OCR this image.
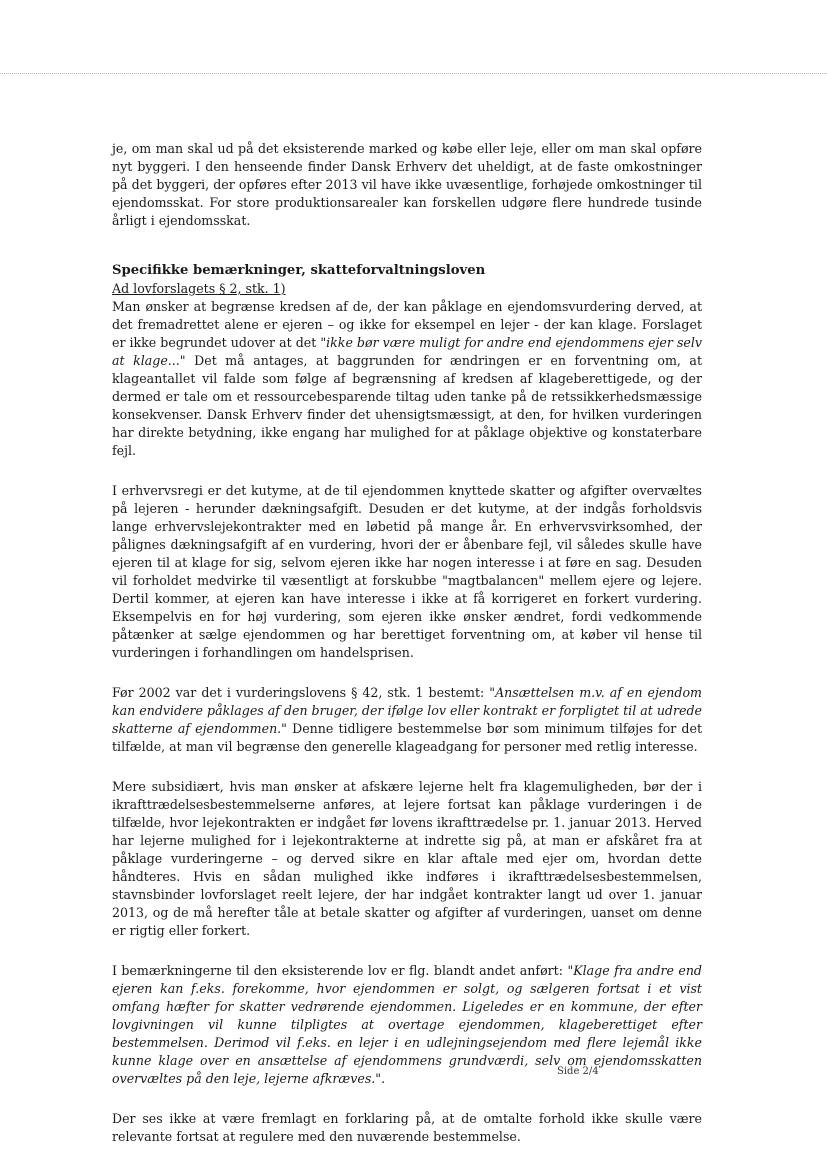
je, om man skal ud på det eksisterende marked og købe eller leje, eller om man skal opføre nyt byggeri. I den henseende finder Dansk Erhverv det uheldigt, at de faste omkostninger på det byggeri, der opføres efter 2013 vil have ikke uvæsentlige, forhøjede omkostninger til ejendomsskat. For store produktionsarealer kan forskellen udgøre flere hundrede tusinde årligt i ejendomsskat.

Specifikke bemærkninger, skatteforvaltningsloven

Ad lovforslagets § 2, stk. 1)

Man ønsker at begrænse kredsen af de, der kan påklage en ejendomsvurdering derved, at det fremadrettet alene er ejeren – og ikke for eksempel en lejer - der kan klage. Forslaget er ikke begrundet udover at det "ikke bør være muligt for andre end ejendommens ejer selv at klage..." Det må antages, at baggrunden for ændringen er en forventning om, at klageantallet vil falde som følge af begrænsning af kredsen af klageberettigede, og der dermed er tale om et ressourcebesparende tiltag uden tanke på de retssikkerhedsmæssige konsekvenser. Dansk Erhverv finder det uhensigtsmæssigt, at den, for hvilken vurderingen har direkte betydning, ikke engang har mulighed for at påklage objektive og konstaterbare fejl.

I erhvervsregi er det kutyme, at de til ejendommen knyttede skatter og afgifter overvæltes på lejeren - herunder dækningsafgift. Desuden er det kutyme, at der indgås forholdsvis lange erhvervslejekontrakter med en løbetid på mange år. En erhvervsvirksomhed, der pålignes dækningsafgift af en vurdering, hvori der er åbenbare fejl, vil således skulle have ejeren til at klage for sig, selvom ejeren ikke har nogen interesse i at føre en sag. Desuden vil forholdet medvirke til væsentligt at forskubbe "magtbalancen" mellem ejere og lejere. Dertil kommer, at ejeren kan have interesse i ikke at få korrigeret en forkert vurdering. Eksempelvis en for høj vurdering, som ejeren ikke ønsker ændret, fordi vedkommende påtænker at sælge ejendommen og har berettiget forventning om, at køber vil hense til vurderingen i forhandlingen om handelsprisen.

Før 2002 var det i vurderingslovens § 42, stk. 1 bestemt: "Ansættelsen m.v. af en ejendom kan endvidere påklages af den bruger, der ifølge lov eller kontrakt er forpligtet til at udrede skatterne af ejendommen." Denne tidligere bestemmelse bør som minimum tilføjes for det tilfælde, at man vil begrænse den generelle klageadgang for personer med retlig interesse.

Mere subsidiært, hvis man ønsker at afskære lejerne helt fra klagemuligheden, bør der i ikrafttrædelsesbestemmelserne anføres, at lejere fortsat kan påklage vurderingen i de tilfælde, hvor lejekontrakten er indgået før lovens ikrafttrædelse pr. 1. januar 2013. Herved har lejerne mulighed for i lejekontrakterne at indrette sig på, at man er afskåret fra at påklage vurderingerne – og derved sikre en klar aftale med ejer om, hvordan dette håndteres. Hvis en sådan mulighed ikke indføres i ikrafttrædelsesbestemmelsen, stavnsbinder lovforslaget reelt lejere, der har indgået kontrakter langt ud over 1. januar 2013, og de må herefter tåle at betale skatter og afgifter af vurderingen, uanset om denne er rigtig eller forkert.

I bemærkningerne til den eksisterende lov er flg. blandt andet anført: "Klage fra andre end ejeren kan f.eks. forekomme, hvor ejendommen er solgt, og sælgeren fortsat i et vist omfang hæfter for skatter vedrørende ejendommen. Ligeledes er en kommune, der efter lovgivningen vil kunne tilpligtes at overtage ejendommen, klageberettiget efter bestemmelsen. Derimod vil f.eks. en lejer i en udlejningsejendom med flere lejemål ikke kunne klage over en ansættelse af ejendommens grundværdi, selv om ejendomsskatten overvæltes på den leje, lejerne afkræves.".

Der ses ikke at være fremlagt en forklaring på, at de omtalte forhold ikke skulle være relevante fortsat at regulere med den nuværende bestemmelse.

Side 2/4
